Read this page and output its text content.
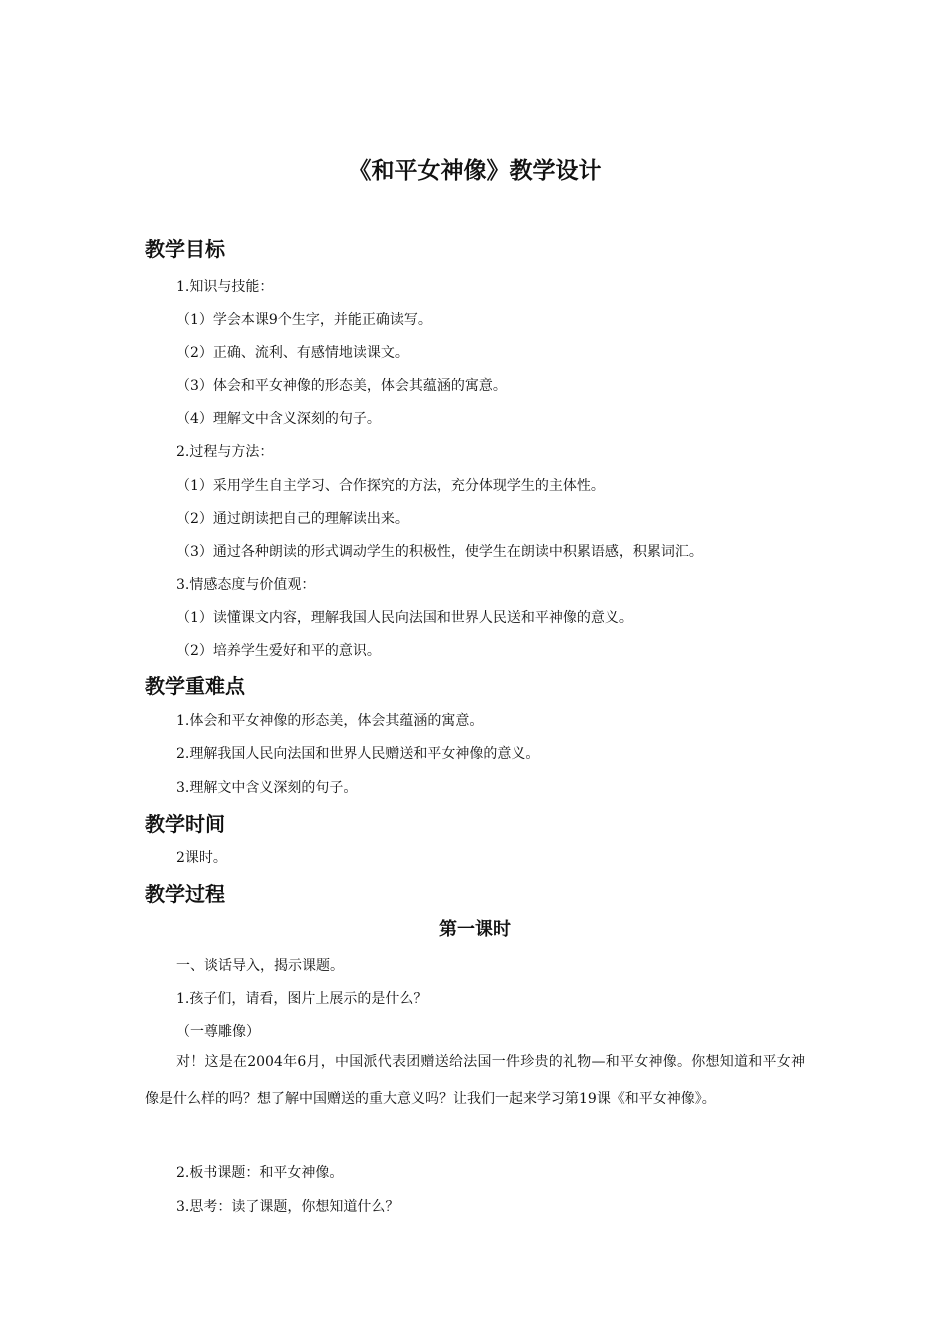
《和平女神像》教学设计
教学目标
1.知识与技能：
（1）学会本课9个生字，并能正确读写。
（2）正确、流利、有感情地读课文。
（3）体会和平女神像的形态美，体会其蕴涵的寓意。
（4）理解文中含义深刻的句子。
2.过程与方法：
（1）采用学生自主学习、合作探究的方法，充分体现学生的主体性。
（2）通过朗读把自己的理解读出来。
（3）通过各种朗读的形式调动学生的积极性，使学生在朗读中积累语感，积累词汇。
3.情感态度与价值观：
（1）读懂课文内容，理解我国人民向法国和世界人民送和平神像的意义。
（2）培养学生爱好和平的意识。
教学重难点
1.体会和平女神像的形态美，体会其蕴涵的寓意。
2.理解我国人民向法国和世界人民赠送和平女神像的意义。
3.理解文中含义深刻的句子。
教学时间
2课时。
教学过程
第一课时
一、谈话导入，揭示课题。
1.孩子们，请看，图片上展示的是什么？
（一尊雕像）
对！这是在2004年6月，中国派代表团赠送给法国一件珍贵的礼物—和平女神像。你想知道和平女神像是什么样的吗？想了解中国赠送的重大意义吗？让我们一起来学习第19课《和平女神像》。
2.板书课题：和平女神像。
3.思考：读了课题，你想知道什么？
